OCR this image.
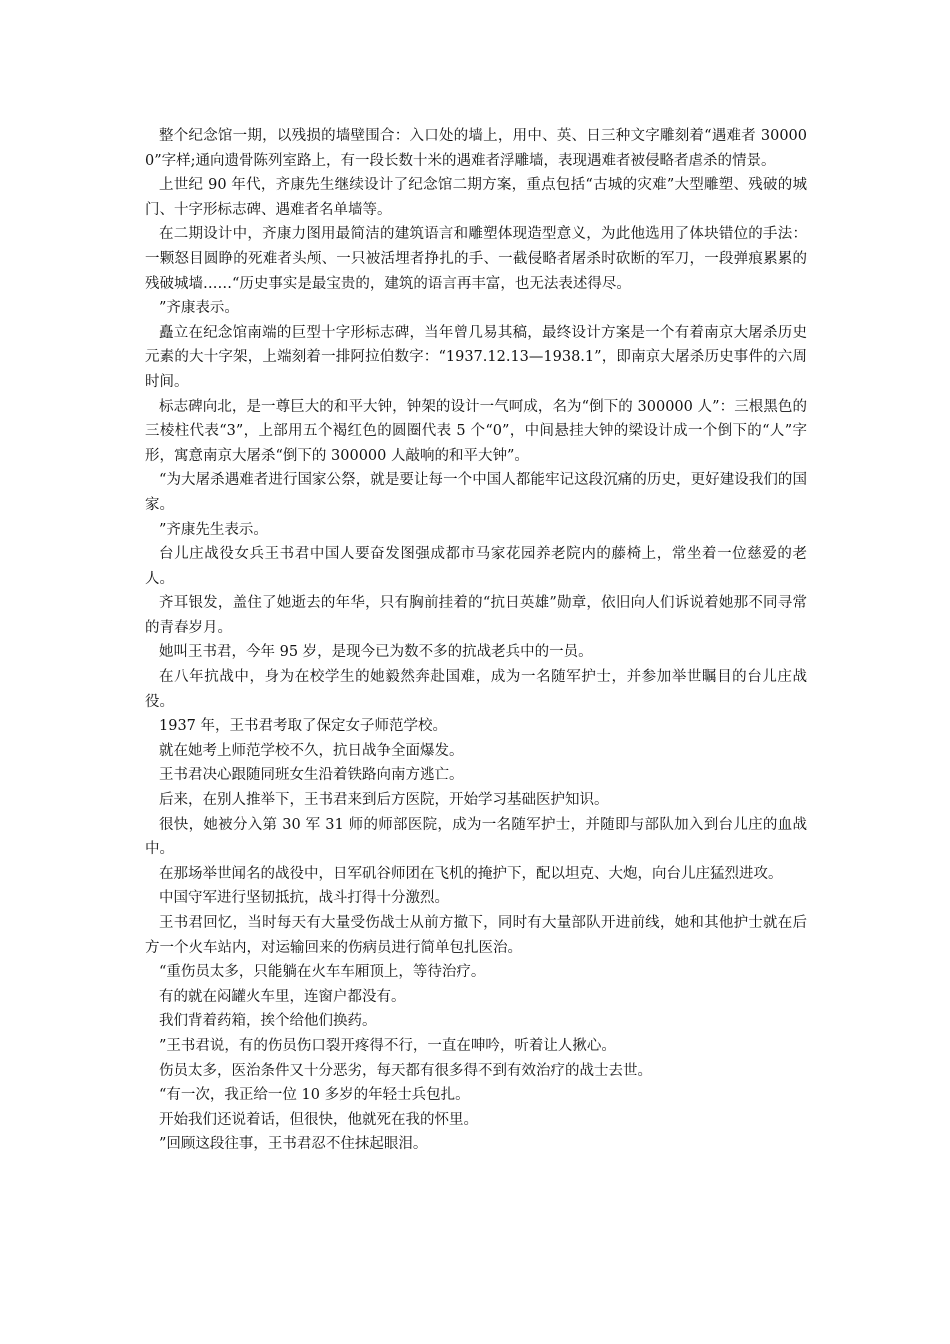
整个纪念馆一期，以残损的墙壁围合：入口处的墙上，用中、英、日三种文字雕刻着“遇难者 300000”字样;通向遗骨陈列室路上，有一段长数十米的遇难者浮雕墙，表现遇难者被侵略者虐杀的情景。

上世纪 90 年代，齐康先生继续设计了纪念馆二期方案，重点包括“古城的灾难”大型雕塑、残破的城门、十字形标志碑、遇难者名单墙等。

在二期设计中，齐康力图用最简洁的建筑语言和雕塑体现造型意义，为此他选用了体块错位的手法：一颗怒目圆睁的死难者头颅、一只被活埋者挣扎的手、一截侵略者屠杀时砍断的军刀，一段弹痕累累的残破城墙……“历史事实是最宝贵的，建筑的语言再丰富，也无法表述得尽。

”齐康表示。

矗立在纪念馆南端的巨型十字形标志碑，当年曾几易其稿，最终设计方案是一个有着南京大屠杀历史元素的大十字架，上端刻着一排阿拉伯数字：“1937.12.13—1938.1”，即南京大屠杀历史事件的六周时间。

标志碑向北，是一尊巨大的和平大钟，钟架的设计一气呵成，名为“倒下的 300000 人”：三根黑色的三棱柱代表“3”，上部用五个褐红色的圆圈代表 5 个“0”，中间悬挂大钟的梁设计成一个倒下的“人”字形，寓意南京大屠杀“倒下的 300000 人敲响的和平大钟”。

“为大屠杀遇难者进行国家公祭，就是要让每一个中国人都能牢记这段沉痛的历史，更好建设我们的国家。

”齐康先生表示。

台儿庄战役女兵王书君中国人要奋发图强成都市马家花园养老院内的藤椅上，常坐着一位慈爱的老人。

齐耳银发，盖住了她逝去的年华，只有胸前挂着的“抗日英雄”勋章，依旧向人们诉说着她那不同寻常的青春岁月。

她叫王书君，今年 95 岁，是现今已为数不多的抗战老兵中的一员。

在八年抗战中，身为在校学生的她毅然奔赴国难，成为一名随军护士，并参加举世瞩目的台儿庄战役。

1937 年，王书君考取了保定女子师范学校。

就在她考上师范学校不久，抗日战争全面爆发。

王书君决心跟随同班女生沿着铁路向南方逃亡。

后来，在别人推举下，王书君来到后方医院，开始学习基础医护知识。

很快，她被分入第 30 军 31 师的师部医院，成为一名随军护士，并随即与部队加入到台儿庄的血战中。

在那场举世闻名的战役中，日军矶谷师团在飞机的掩护下，配以坦克、大炮，向台儿庄猛烈进攻。

中国守军进行坚韧抵抗，战斗打得十分激烈。

王书君回忆，当时每天有大量受伤战士从前方撤下，同时有大量部队开进前线，她和其他护士就在后方一个火车站内，对运输回来的伤病员进行简单包扎医治。

“重伤员太多，只能躺在火车车厢顶上，等待治疗。

有的就在闷罐火车里，连窗户都没有。

我们背着药箱，挨个给他们换药。

”王书君说，有的伤员伤口裂开疼得不行，一直在呻吟，听着让人揪心。

伤员太多，医治条件又十分恶劣，每天都有很多得不到有效治疗的战士去世。

“有一次，我正给一位 10 多岁的年轻士兵包扎。

开始我们还说着话，但很快，他就死在我的怀里。

”回顾这段往事，王书君忍不住抹起眼泪。
